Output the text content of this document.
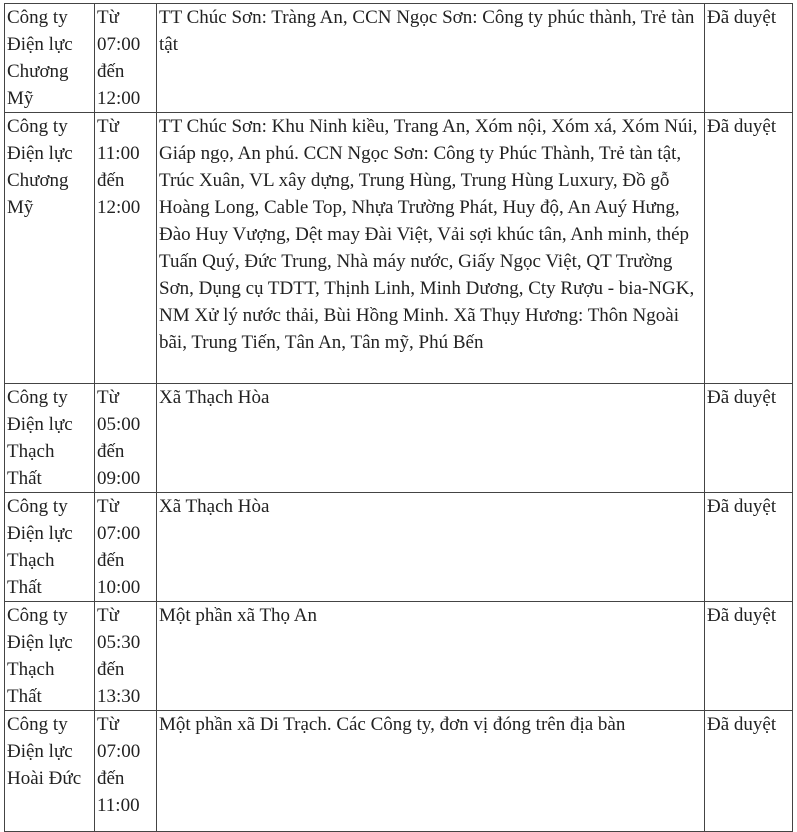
Công ty Điện lực Chương Mỹ	Từ 07:00 đến 12:00	TT Chúc Sơn: Tràng An, CCN Ngọc Sơn: Công ty phúc thành, Trẻ tàn tật	Đã duyệt
Công ty Điện lực Chương Mỹ	Từ 11:00 đến 12:00	TT Chúc Sơn: Khu Ninh kiều, Trang An, Xóm nội, Xóm xá, Xóm Núi, Giáp ngọ, An phú. CCN Ngọc Sơn: Công ty Phúc Thành, Trẻ tàn tật, Trúc Xuân, VL xây dựng, Trung Hùng, Trung Hùng Luxury, Đồ gỗ Hoàng Long, Cable Top, Nhựa Trường Phát, Huy độ, An Auý Hưng, Đào Huy Vượng, Dệt may Đài Việt, Vải sợi khúc tân, Anh minh, thép Tuấn Quý, Đức Trung, Nhà máy nước, Giấy Ngọc Việt, QT Trường Sơn, Dụng cụ TDTT, Thịnh Linh, Minh Dương, Cty Rượu - bia-NGK, NM Xử lý nước thải, Bùi Hồng Minh. Xã Thụy Hương: Thôn Ngoài bãi, Trung Tiến, Tân An, Tân mỹ, Phú Bến	Đã duyệt
Công ty Điện lực Thạch Thất	Từ 05:00 đến 09:00	Xã Thạch Hòa	Đã duyệt
Công ty Điện lực Thạch Thất	Từ 07:00 đến 10:00	Xã Thạch Hòa	Đã duyệt
Công ty Điện lực Thạch Thất	Từ 05:30 đến 13:30	Một phần xã Thọ An	Đã duyệt
Công ty Điện lực Hoài Đức	Từ 07:00 đến 11:00	Một phần xã Di Trạch. Các Công ty, đơn vị đóng trên địa bàn	Đã duyệt
